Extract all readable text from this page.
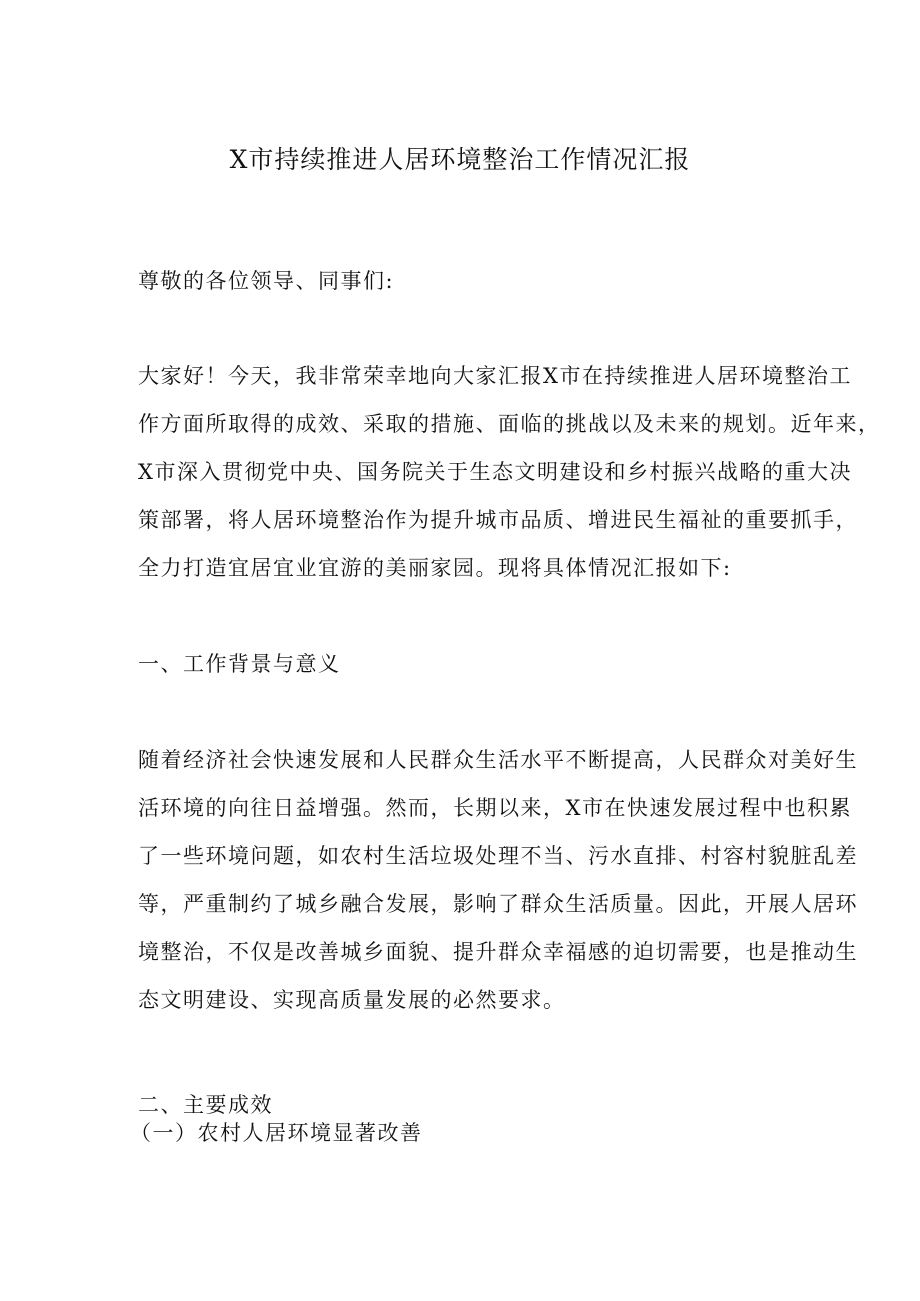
X市持续推进人居环境整治工作情况汇报

尊敬的各位领导、同事们:

大家好！今天，我非常荣幸地向大家汇报X市在持续推进人居环境整治工

作方面所取得的成效、采取的措施、面临的挑战以及未来的规划。近年来，

X市深入贯彻党中央、国务院关于生态文明建设和乡村振兴战略的重大决

策部署，将人居环境整治作为提升城市品质、增进民生福祉的重要抓手，

全力打造宜居宜业宜游的美丽家园。现将具体情况汇报如下:

一、工作背景与意义

随着经济社会快速发展和人民群众生活水平不断提高，人民群众对美好生

活环境的向往日益增强。然而，长期以来，X市在快速发展过程中也积累

了一些环境问题，如农村生活垃圾处理不当、污水直排、村容村貌脏乱差

等，严重制约了城乡融合发展，影响了群众生活质量。因此，开展人居环

境整治，不仅是改善城乡面貌、提升群众幸福感的迫切需要，也是推动生

态文明建设、实现高质量发展的必然要求。

二、主要成效

（一）农村人居环境显著改善
